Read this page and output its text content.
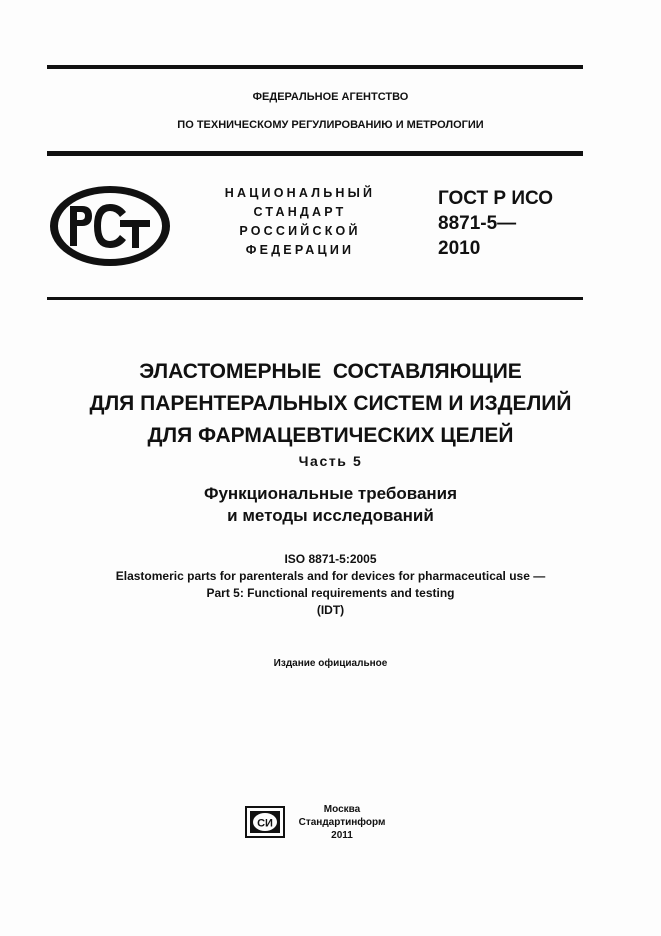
ФЕДЕРАЛЬНОЕ АГЕНТСТВО
ПО ТЕХНИЧЕСКОМУ РЕГУЛИРОВАНИЮ И МЕТРОЛОГИИ
НАЦИОНАЛЬНЫЙ
СТАНДАРТ
РОССИЙСКОЙ
ФЕДЕРАЦИИ
ГОСТ Р ИСО
8871-5—
2010
ЭЛАСТОМЕРНЫЕ  СОСТАВЛЯЮЩИЕ
ДЛЯ ПАРЕНТЕРАЛЬНЫХ СИСТЕМ И ИЗДЕЛИЙ
ДЛЯ ФАРМАЦЕВТИЧЕСКИХ ЦЕЛЕЙ
Часть 5
Функциональные требования
и методы исследований
ISO 8871-5:2005
Elastomeric parts for parenterals and for devices for pharmaceutical use —
Part 5: Functional requirements and testing
(IDT)
Издание официальное
СИ
Москва
Стандартинформ
2011
